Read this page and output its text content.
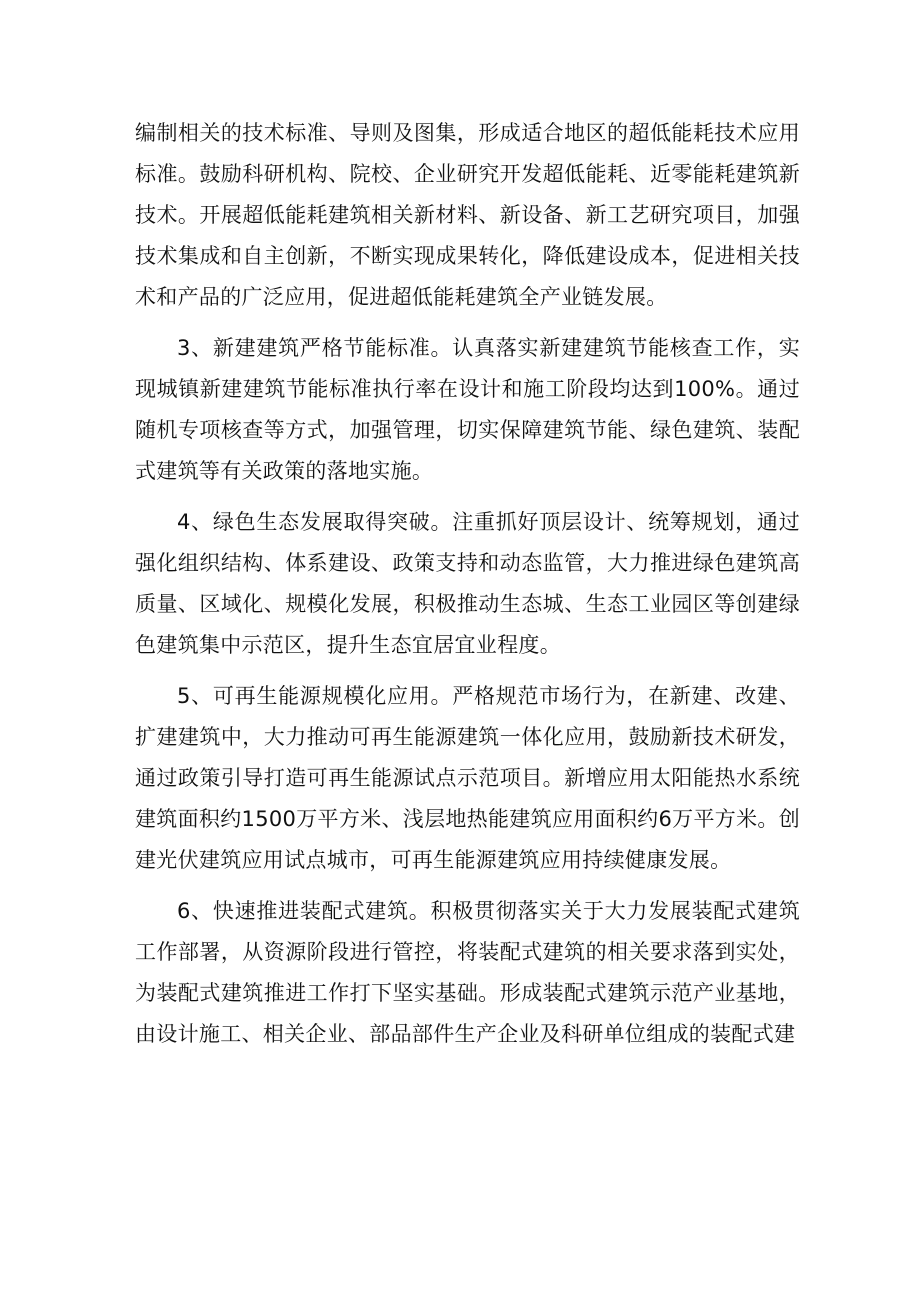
编制相关的技术标准、导则及图集，形成适合地区的超低能耗技术应用标准。鼓励科研机构、院校、企业研究开发超低能耗、近零能耗建筑新技术。开展超低能耗建筑相关新材料、新设备、新工艺研究项目，加强技术集成和自主创新，不断实现成果转化，降低建设成本，促进相关技术和产品的广泛应用，促进超低能耗建筑全产业链发展。

3、新建建筑严格节能标准。认真落实新建建筑节能核查工作，实现城镇新建建筑节能标准执行率在设计和施工阶段均达到100%。通过随机专项核查等方式，加强管理，切实保障建筑节能、绿色建筑、装配式建筑等有关政策的落地实施。

4、绿色生态发展取得突破。注重抓好顶层设计、统筹规划，通过强化组织结构、体系建设、政策支持和动态监管，大力推进绿色建筑高质量、区域化、规模化发展，积极推动生态城、生态工业园区等创建绿色建筑集中示范区，提升生态宜居宜业程度。

5、可再生能源规模化应用。严格规范市场行为，在新建、改建、扩建建筑中，大力推动可再生能源建筑一体化应用，鼓励新技术研发，通过政策引导打造可再生能源试点示范项目。新增应用太阳能热水系统建筑面积约1500万平方米、浅层地热能建筑应用面积约6万平方米。创建光伏建筑应用试点城市，可再生能源建筑应用持续健康发展。

6、快速推进装配式建筑。积极贯彻落实关于大力发展装配式建筑工作部署，从资源阶段进行管控，将装配式建筑的相关要求落到实处，为装配式建筑推进工作打下坚实基础。形成装配式建筑示范产业基地，由设计施工、相关企业、部品部件生产企业及科研单位组成的装配式建
